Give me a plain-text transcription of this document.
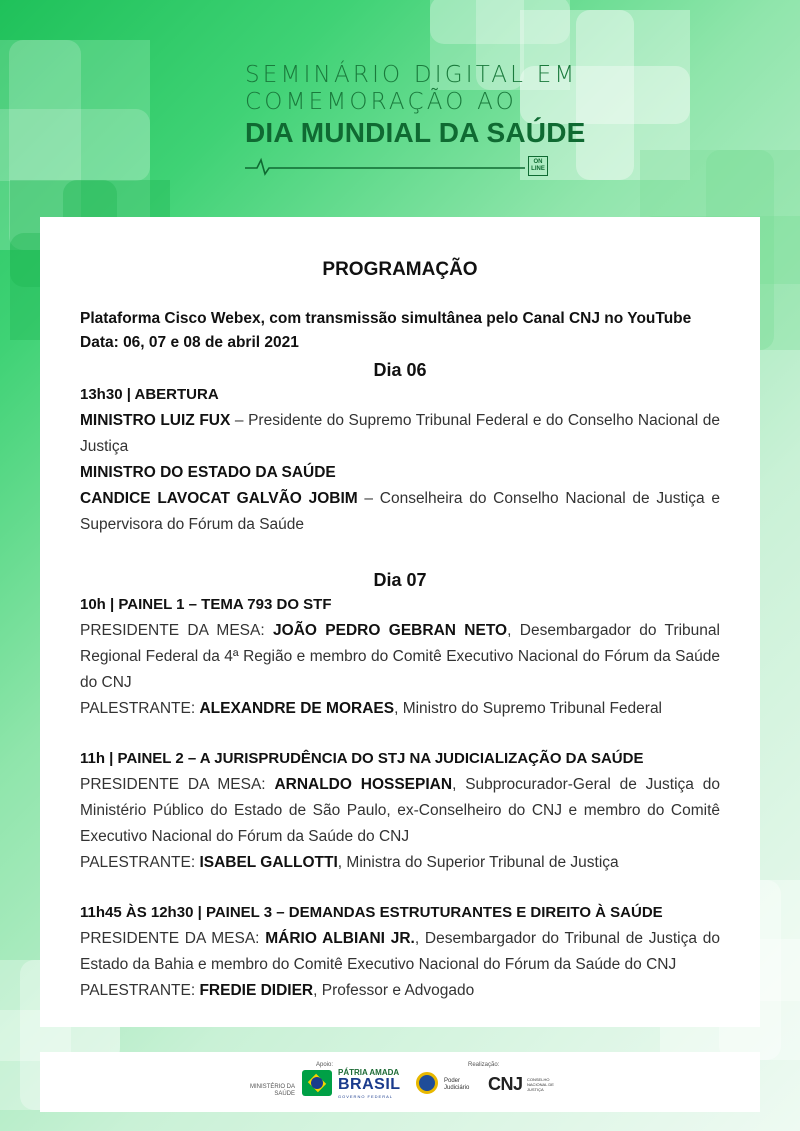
SEMINÁRIO DIGITAL EM
COMEMORAÇÃO AO
DIA MUNDIAL DA SAÚDE
ON
LINE
PROGRAMAÇÃO
Plataforma Cisco Webex, com transmissão simultânea pelo Canal CNJ no YouTube
Data: 06, 07 e 08 de abril 2021
Dia 06
13h30 | ABERTURA
MINISTRO LUIZ FUX – Presidente do Supremo Tribunal Federal e do Conselho Nacional de Justiça
MINISTRO DO ESTADO DA SAÚDE
CANDICE LAVOCAT GALVÃO JOBIM – Conselheira do Conselho Nacional de Justiça e Supervisora do Fórum da Saúde
Dia 07
10h | PAINEL 1 – TEMA 793 DO STF
PRESIDENTE DA MESA: JOÃO PEDRO GEBRAN NETO, Desembargador do Tribunal Regional Federal da 4ª Região e membro do Comitê Executivo Nacional do Fórum da Saúde do CNJ
PALESTRANTE: ALEXANDRE DE MORAES, Ministro do Supremo Tribunal Federal
11h | PAINEL 2 – A JURISPRUDÊNCIA DO STJ NA JUDICIALIZAÇÃO DA SAÚDE
PRESIDENTE DA MESA: ARNALDO HOSSEPIAN, Subprocurador-Geral de Justiça do Ministério Público do Estado de São Paulo, ex-Conselheiro do CNJ e membro do Comitê Executivo Nacional do Fórum da Saúde do CNJ
PALESTRANTE: ISABEL GALLOTTI, Ministra do Superior Tribunal de Justiça
11h45 ÀS 12h30 | PAINEL 3 – DEMANDAS ESTRUTURANTES E DIREITO À SAÚDE
PRESIDENTE DA MESA: MÁRIO ALBIANI JR., Desembargador do Tribunal de Justiça do Estado da Bahia e membro do Comitê Executivo Nacional do Fórum da Saúde do CNJ
PALESTRANTE: FREDIE DIDIER, Professor e Advogado
MINISTÉRIO DA SAÚDE
Apoio:
PÁTRIA AMADA
BRASIL
GOVERNO FEDERAL
Realização:
Poder Judiciário CNJ CONSELHO NACIONAL DE JUSTIÇA
